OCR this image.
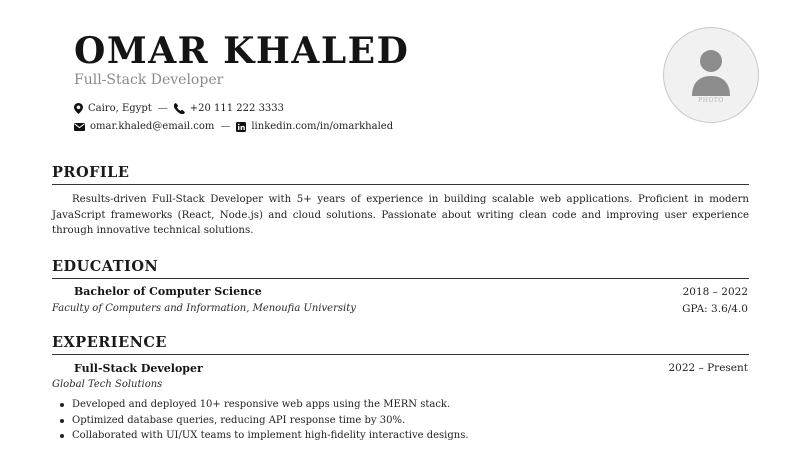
OMAR KHALED
Full-Stack Developer
Cairo, Egypt — +20 111 222 3333
omar.khaled@email.com — linkedin.com/in/omarkhaled
PHOTO
PROFILE
Results-driven Full-Stack Developer with 5+ years of experience in building scalable web applications. Proficient in modern JavaScript frameworks (React, Node.js) and cloud solutions. Passionate about writing clean code and improving user experience through innovative technical solutions.
EDUCATION
Bachelor of Computer Science	2018 – 2022
Faculty of Computers and Information, Menoufia University	GPA: 3.6/4.0
EXPERIENCE
Full-Stack Developer	2022 – Present
Global Tech Solutions
Developed and deployed 10+ responsive web apps using the MERN stack.
Optimized database queries, reducing API response time by 30%.
Collaborated with UI/UX teams to implement high-fidelity interactive designs.
